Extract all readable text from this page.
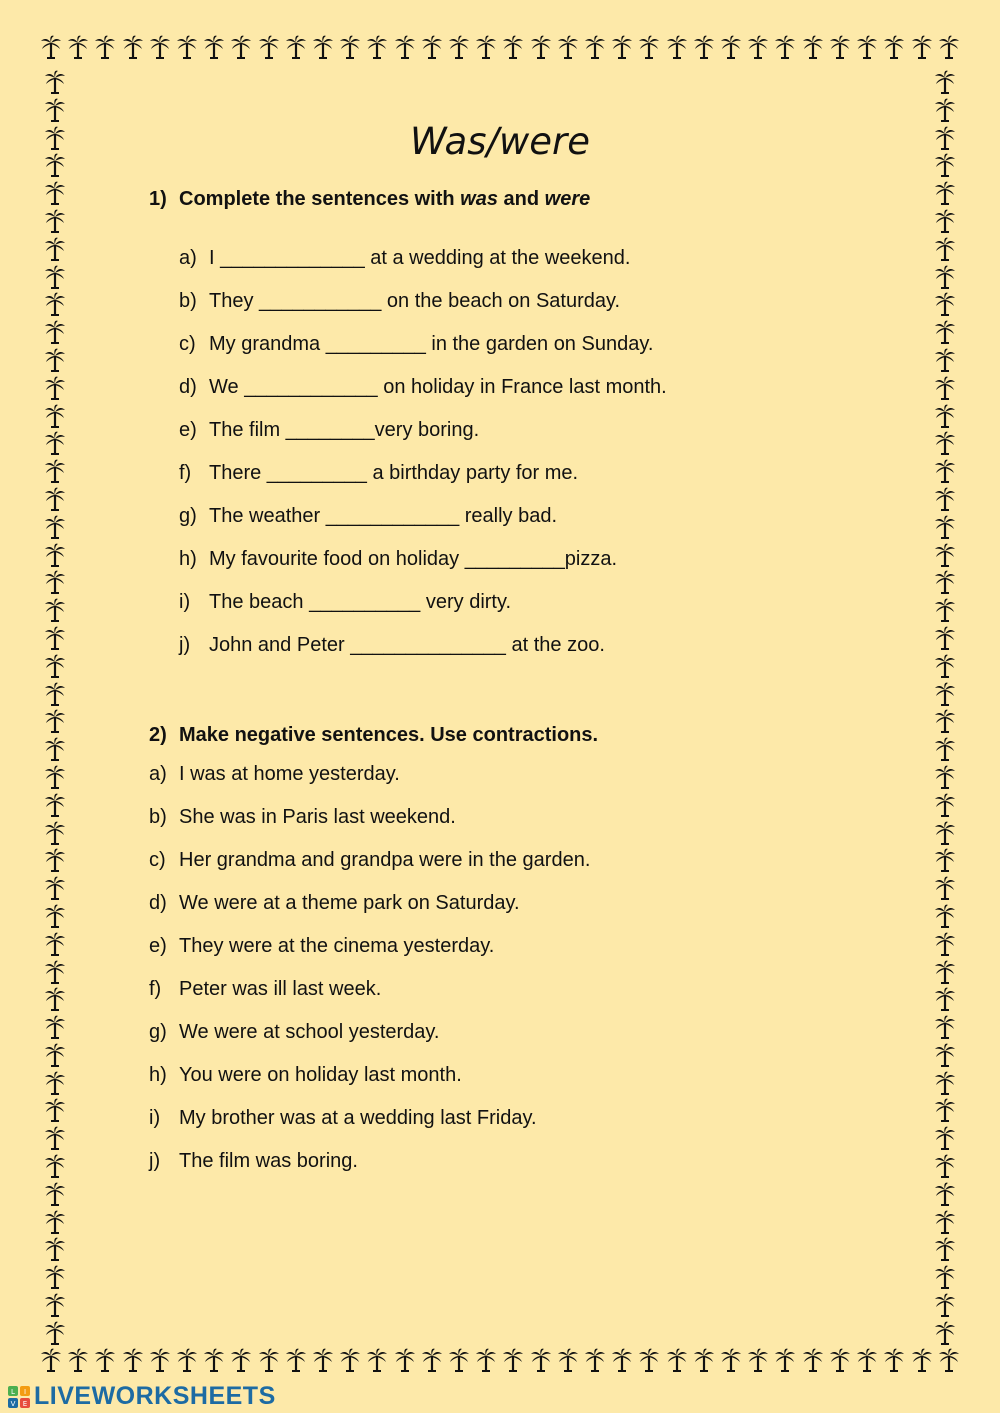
Was/were
1) Complete the sentences with was and were
a) I _____________ at a wedding at the weekend.
b) They ___________ on the beach on Saturday.
c) My grandma _________ in the garden on Sunday.
d) We ____________ on holiday in France last month.
e) The film ________very boring.
f) There _________ a birthday party for me.
g) The weather ____________ really bad.
h) My favourite food on holiday _________pizza.
i) The beach __________ very dirty.
j) John and Peter ______________ at the zoo.
2) Make negative sentences. Use contractions.
a) I was at home yesterday.
b) She was in Paris last weekend.
c) Her grandma and grandpa were in the garden.
d) We were at a theme park on Saturday.
e) They were at the cinema yesterday.
f) Peter was ill last week.
g) We were at school yesterday.
h) You were on holiday last month.
i) My brother was at a wedding last Friday.
j) The film was boring.
L I
V E LIVEWORKSHEETS
